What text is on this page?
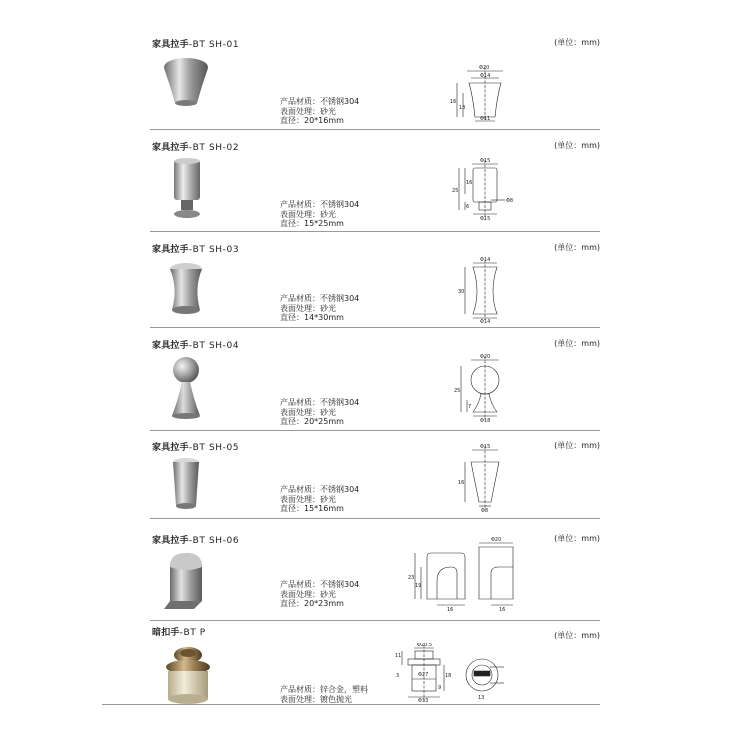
家具拉手-BT SH-01	(单位：mm)
产品材质：不锈钢304
表面处理：砂光
直径：20*16mm
Φ20
Φ14
16
13
Φ11
家具拉手-BT SH-02	(单位：mm)
产品材质：不锈钢304
表面处理：砂光
直径：15*25mm
Φ15
25
16
6
Φ8
Φ15
家具拉手-BT SH-03	(单位：mm)
产品材质：不锈钢304
表面处理：砂光
直径：14*30mm
Φ14
30
Φ14
家具拉手-BT SH-04	(单位：mm)
产品材质：不锈钢304
表面处理：砂光
直径：20*25mm
Φ20
25
7
Φ18
家具拉手-BT SH-05	(单位：mm)
产品材质：不锈钢304
表面处理：砂光
直径：15*16mm
Φ15
16
Φ8
家具拉手-BT SH-06	(单位：mm)
产品材质：不锈钢304
表面处理：砂光
直径：20*23mm
23
19
16
Φ20
16
暗扣手-BT P	(单位：mm)
产品材质：锌合金，塑料
表面处理：镀色抛光
Φ20.5
11
3	Φ27	18
9
Φ33	13
